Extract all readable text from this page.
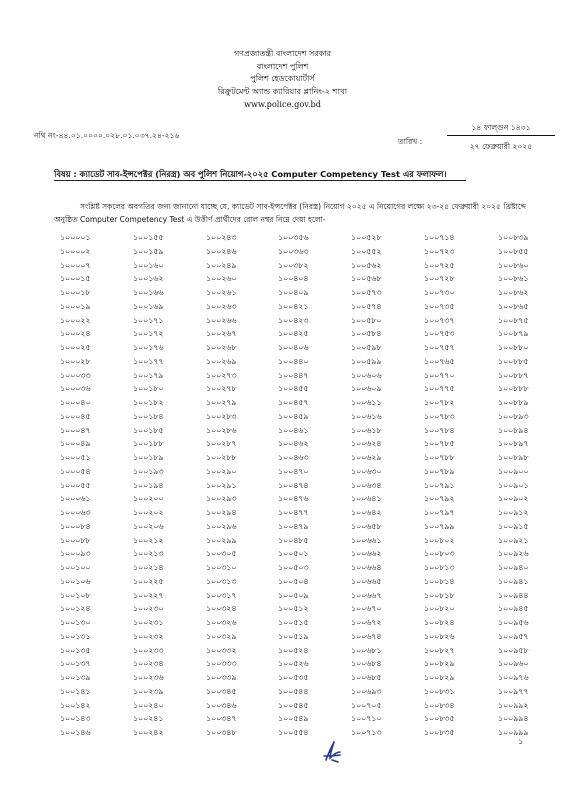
গণপ্রজাতন্ত্রী বাংলাদেশ সরকার
বাংলাদেশ পুলিশ
পুলিশ হেডকোয়ার্টার্স
রিক্রুটমেন্ট অ্যান্ড ক্যারিয়ার প্লানিং-২ শাখা
www.police.gov.bd
নথি নং-৪৪.০১.০০০০.০২৮.০১.০৩৭.২৪-২১৬
তারিখ :
১৪ ফাল্গুন ১৪৩১
২৭ ফেব্রুয়ারী ২০২৫
বিষয় : ক্যাডেট সাব-ইন্সপেক্টর (নিরস্ত্র) অব পুলিশ নিয়োগ-২০২৫ Computer Competency Test এর ফলাফল।
সংশ্লিষ্ট সকলের অবগতির জন্য জানানো যাচ্ছে যে, ক্যাডেট সাব-ইন্সপেক্টর (নিরস্ত্র) নিয়োগ ২০২৫ এ নিয়োগের লক্ষ্যে ২৩-২৫ ফেব্রুয়ারী ২০২৫ খ্রিষ্টাব্দে অনুষ্ঠিত Computer Competency Test এ উত্তীর্ণ প্রার্থীদের রোল নম্বর নিম্নে দেয়া হলো-
১০০০০১	১০০১৫৫	১০০২৪৩	১০০৩৫৬	১০০৫২৮	১০০৭১৪	১০০৮৩৯
১০০০০২	১০০১৫৯	১০০২৪৬	১০০৩৬৩	১০০৫৫২	১০০৭২৩	১০০৮৫৫
১০০০০৭	১০০১৬০	১০০২৪৯	১০০৩৮২	১০০৫৬২	১০০৭২৫	১০০৮৬০
১০০০১৫	১০০১৬২	১০০২৬০	১০০৪০৪	১০০৫৬৮	১০০৭২৮	১০০৮৬১
১০০০১৮	১০০১৬৬	১০০২৬১	১০০৪০৯	১০০৫৭৩	১০০৭৩০	১০০৮৬২
১০০০১৯	১০০১৬৯	১০০২৬৩	১০০৪২১	১০০৫৭৪	১০০৭৩৫	১০০৮৬৫
১০০০২২	১০০১৭১	১০০২৬৬	১০০৪২৩	১০০৫৮০	১০০৭৩৭	১০০৮৭৫
১০০০২৪	১০০১৭২	১০০২৬৭	১০০৪২৫	১০০৫৮৪	১০০৭৫৩	১০০৮৭৯
১০০০২৫	১০০১৭৬	১০০২৬৮	১০০৪০৬	১০০৫৯৮	১০০৭৫৭	১০০৮৮০
১০০০২৮	১০০১৭৭	১০০২৬৯	১০০৪৪০	১০০৫৯৯	১০০৭৬৫	১০০৮৮৫
১০০০৩৩	১০০১৭৯	১০০২৭৩	১০০৪৪৭	১০০৬০৬	১০০৭৭০	১০০৮৮৭
১০০০৩৬	১০০১৮০	১০০২৭৮	১০০৪৫৫	১০০৬০৯	১০০৭৭৫	১০০৮৮৮
১০০০৪০	১০০১৮২	১০০২৭৯	১০০৪৫৭	১০০৬১১	১০০৭৮২	১০০৮৮৯
১০০০৪৫	১০০১৮৪	১০০২৮৩	১০০৪৫৯	১০০৬১৬	১০০৭৮৩	১০০৮৯৩
১০০০৪৭	১০০১৮৫	১০০২৮৬	১০০৪৬১	১০০৬১৮	১০০৭৮৪	১০০৮৯৪
১০০০৪৯	১০০১৮৮	১০০২৮৭	১০০৪৬২	১০০৬২৪	১০০৭৮৫	১০০৮৯৭
১০০০৫১	১০০১৮৯	১০০২৮৮	১০০৪৬৩	১০০৬২৯	১০০৭৮৮	১০০৮৯৮
১০০০৫৪	১০০১৯৩	১০০২৯০	১০০৪৭০	১০০৬৩০	১০০৭৮৯	১০০৯০০
১০০০৫৫	১০০১৯৪	১০০২৯১	১০০৪৭৪	১০০৬৩৪	১০০৭৯১	১০০৯০১
১০০০৬১	১০০২০০	১০০২৯৩	১০০৪৭৬	১০০৬৪১	১০০৭৯২	১০০৯০২
১০০০৬৩	১০০২০২	১০০২৯৪	১০০৪৭৭	১০০৬৪২	১০০৭৯৭	১০০৯১২
১০০০৮৪	১০০২০৬	১০০২৯৬	১০০৪৭৯	১০০৬৫৮	১০০৭৯৯	১০০৯১৫
১০০০৮৮	১০০২১২	১০০২৯৯	১০০৪৮৫	১০০৬৬১	১০০৮০২	১০০৯২১
১০০০৯৩	১০০২১৩	১০০৩০৫	১০০৫০১	১০০৬৬২	১০০৮০৩	১০০৯২৬
১০০১০০	১০০২১৪	১০০৩১০	১০০৫০৩	১০০৬৬৪	১০০৮১৩	১০০৯৪০
১০০১০৬	১০০২২৫	১০০৩১৩	১০০৫০৪	১০০৬৬৫	১০০৮১৪	১০০৯৪১
১০০১০৮	১০০২২৭	১০০৩১৭	১০০৫০৯	১০০৬৬৭	১০০৮১৮	১০০৯৪৪
১০০১২৪	১০০২৩০	১০০৩২৪	১০০৫১২	১০০৬৭০	১০০৮২০	১০০৯৪৫
১০০১৩০	১০০২৩১	১০০৩২৬	১০০৫১৫	১০০৬৭২	১০০৮২৪	১০০৯৫৬
১০০১৩১	১০০২৩২	১০০৩২৯	১০০৫১৯	১০০৬৭৪	১০০৮২৬	১০০৯৫৭
১০০১৩৫	১০০২৩৩	১০০৩৩২	১০০৫২৪	১০০৬৮১	১০০৮২৭	১০০৯৫৮
১০০১৩৭	১০০২৩৪	১০০৩৩৩	১০০৫২৬	১০০৬৮৪	১০০৮২৯	১০০৯৬০
১০০১৩৯	১০০২৩৬	১০০৩৩৯	১০০৫৩৫	১০০৬৮৫	১০০৮২৯	১০০৯৭৬
১০০১৪১	১০০২৩৯	১০০৩৪৫	১০০৫৪৪	১০০৬৯৩	১০০৮৩১	১০০৯৭৭
১০০১৪২	১০০২৪০	১০০৩৪৬	১০০৫৪৫	১০০৭০৫	১০০৮৩৪	১০০৯৯২
১০০১৪৩	১০০২৪১	১০০৩৪৭	১০০৫৪৯	১০০৭১০	১০০৮৩৫	১০০৯৯৪
১০০১৪৬	১০০২৪২	১০০৩৪৮	১০০৫৫৪	১০০৭১৩	১০০৮৩৫	১০০৯৯৯
১
